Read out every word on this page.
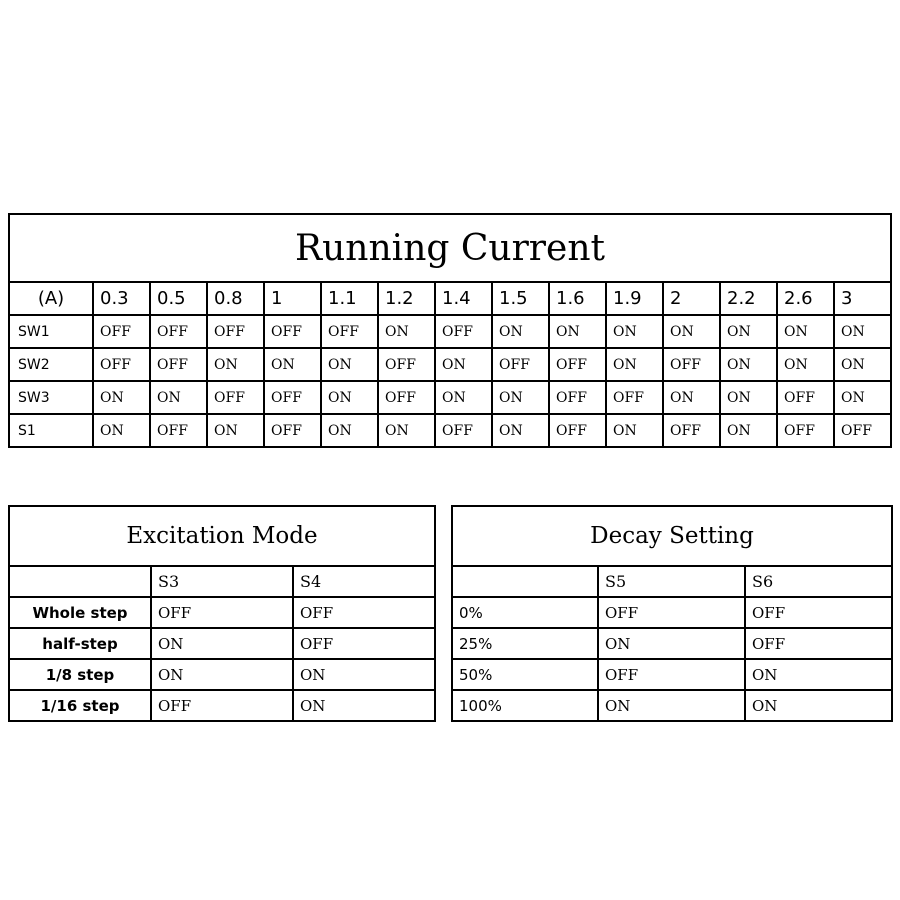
Running Current														
(A)	0.3	0.5	0.8	1	1.1	1.2	1.4	1.5	1.6	1.9	2	2.2	2.6	3
SW1	OFF	OFF	OFF	OFF	OFF	ON	OFF	ON	ON	ON	ON	ON	ON	ON
SW2	OFF	OFF	ON	ON	ON	OFF	ON	OFF	OFF	ON	OFF	ON	ON	ON
SW3	ON	ON	OFF	OFF	ON	OFF	ON	ON	OFF	OFF	ON	ON	OFF	ON
S1	ON	OFF	ON	OFF	ON	ON	OFF	ON	OFF	ON	OFF	ON	OFF	OFF
Excitation Mode		
	S3	S4
Whole step	OFF	OFF
half-step	ON	OFF
1/8 step	ON	ON
1/16 step	OFF	ON
Decay Setting		
	S5	S6
0%	OFF	OFF
25%	ON	OFF
50%	OFF	ON
100%	ON	ON
